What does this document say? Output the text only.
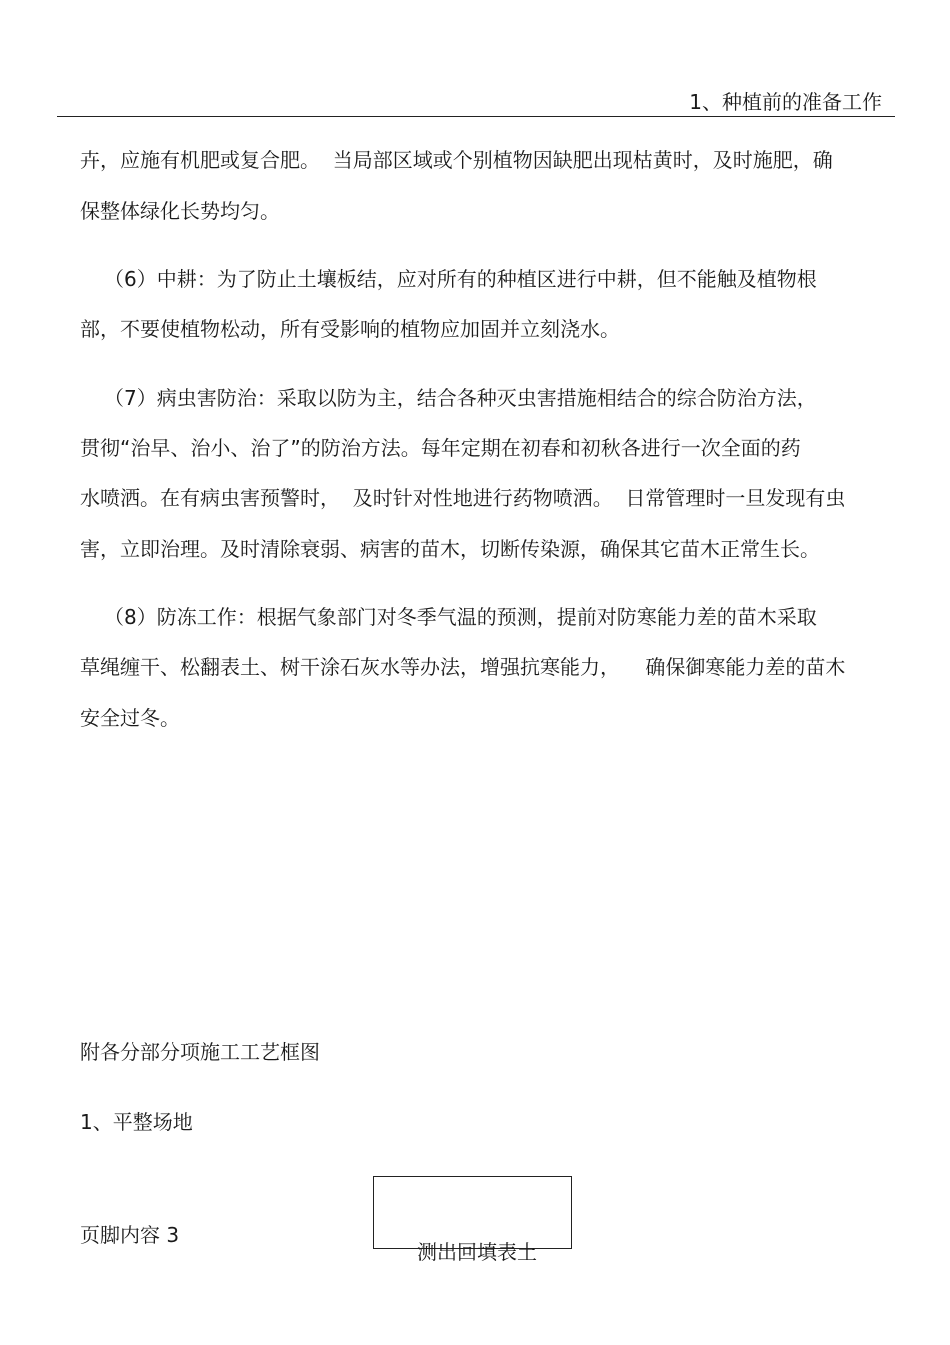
1、种植前的准备工作
卉，应施有机肥或复合肥。  当局部区域或个别植物因缺肥出现枯黄时，及时施肥，确
保整体绿化长势均匀。
（6）中耕：为了防止土壤板结，应对所有的种植区进行中耕，但不能触及植物根
部，不要使植物松动，所有受影响的植物应加固并立刻浇水。
（7）病虫害防治：采取以防为主，结合各种灭虫害措施相结合的综合防治方法，
贯彻“治早、治小、治了”的防治方法。每年定期在初春和初秋各进行一次全面的药
水喷洒。在有病虫害预警时，  及时针对性地进行药物喷洒。  日常管理时一旦发现有虫
害，立即治理。及时清除衰弱、病害的苗木，切断传染源，确保其它苗木正常生长。
（8）防冻工作：根据气象部门对冬季气温的预测，提前对防寒能力差的苗木采取
草绳缠干、松翻表土、树干涂石灰水等办法，增强抗寒能力，    确保御寒能力差的苗木
安全过冬。
附各分部分项施工工艺框图
1、平整场地
页脚内容 3
测出回填表土
